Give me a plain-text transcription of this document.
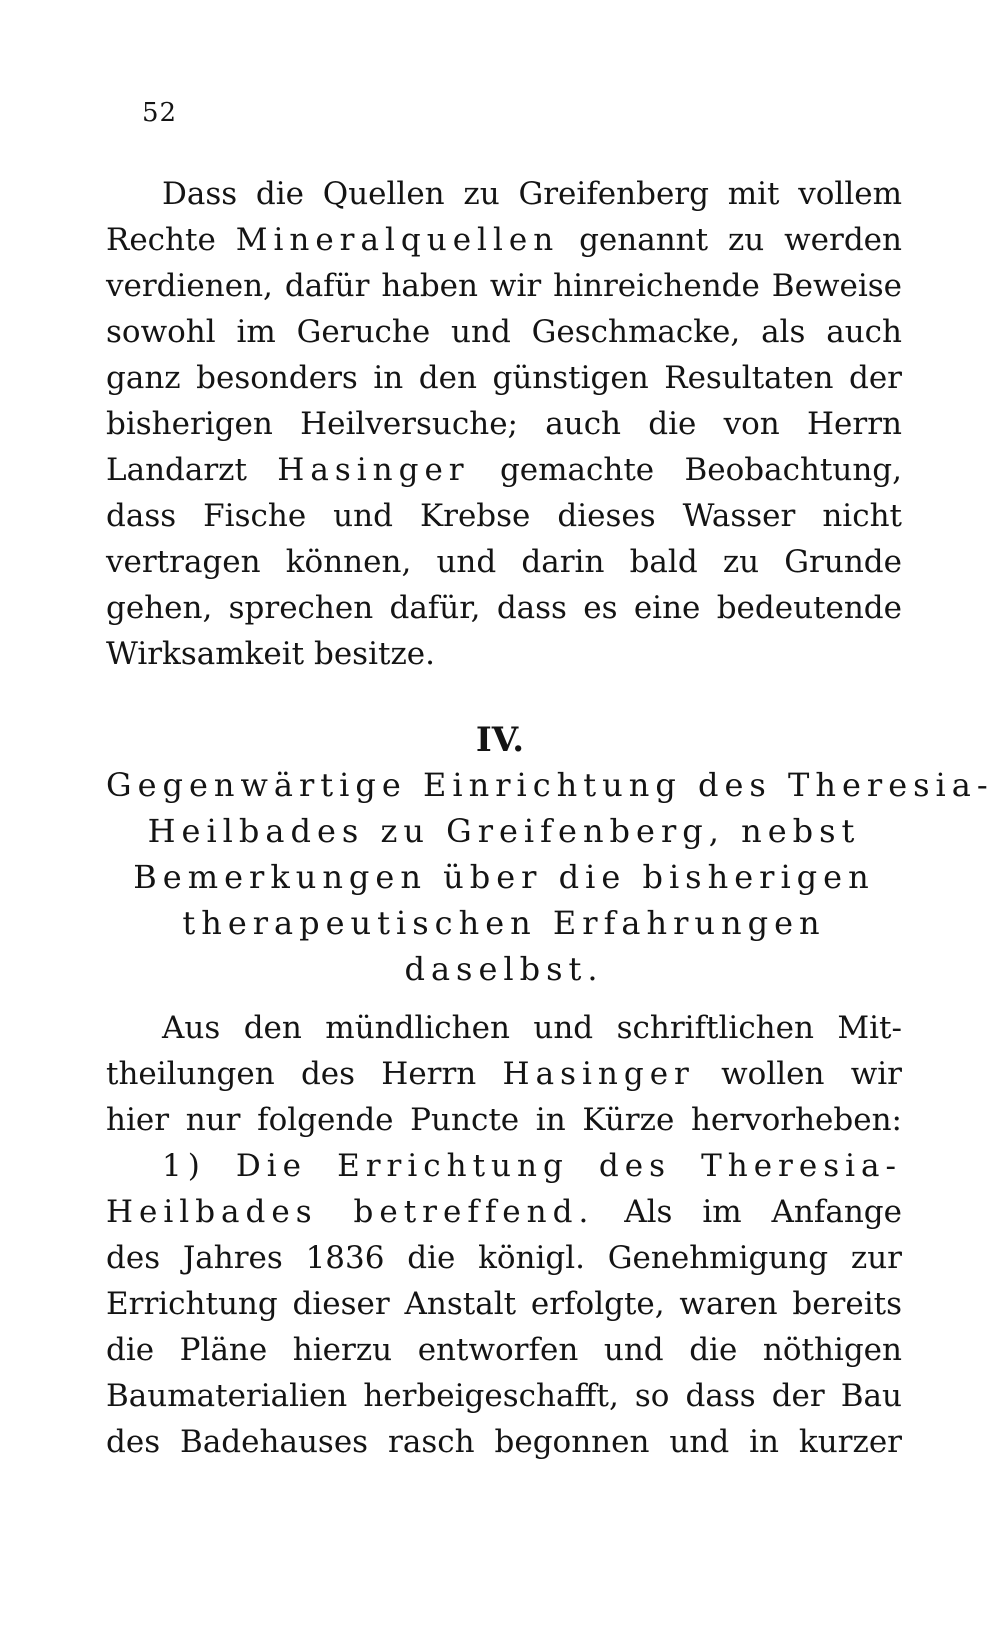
52
Dass die Quellen zu Greifenberg mit vollem
Rechte Mineralquellen genannt zu werden
verdienen, dafür haben wir hinreichende Beweise
sowohl im Geruche und Geschmacke, als auch
ganz besonders in den günstigen Resultaten der
bisherigen Heilversuche; auch die von Herrn
Landarzt Hasinger gemachte Beobachtung,
dass Fische und Krebse dieses Wasser nicht
vertragen können, und darin bald zu Grunde
gehen, sprechen dafür, dass es eine bedeutende
Wirksamkeit besitze.
IV.
Gegenwärtige Einrichtung des Theresia-
Heilbades zu Greifenberg, nebst
Bemerkungen über die bisherigen
therapeutischen Erfahrungen
daselbst.
Aus den mündlichen und schriftlichen Mit-
theilungen des Herrn Hasinger wollen wir
hier nur folgende Puncte in Kürze hervorheben:
1) Die Errichtung des Theresia-
Heilbades betreffend. Als im Anfange
des Jahres 1836 die königl. Genehmigung zur
Errichtung dieser Anstalt erfolgte, waren bereits
die Pläne hierzu entworfen und die nöthigen
Baumaterialien herbeigeschafft, so dass der Bau
des Badehauses rasch begonnen und in kurzer
